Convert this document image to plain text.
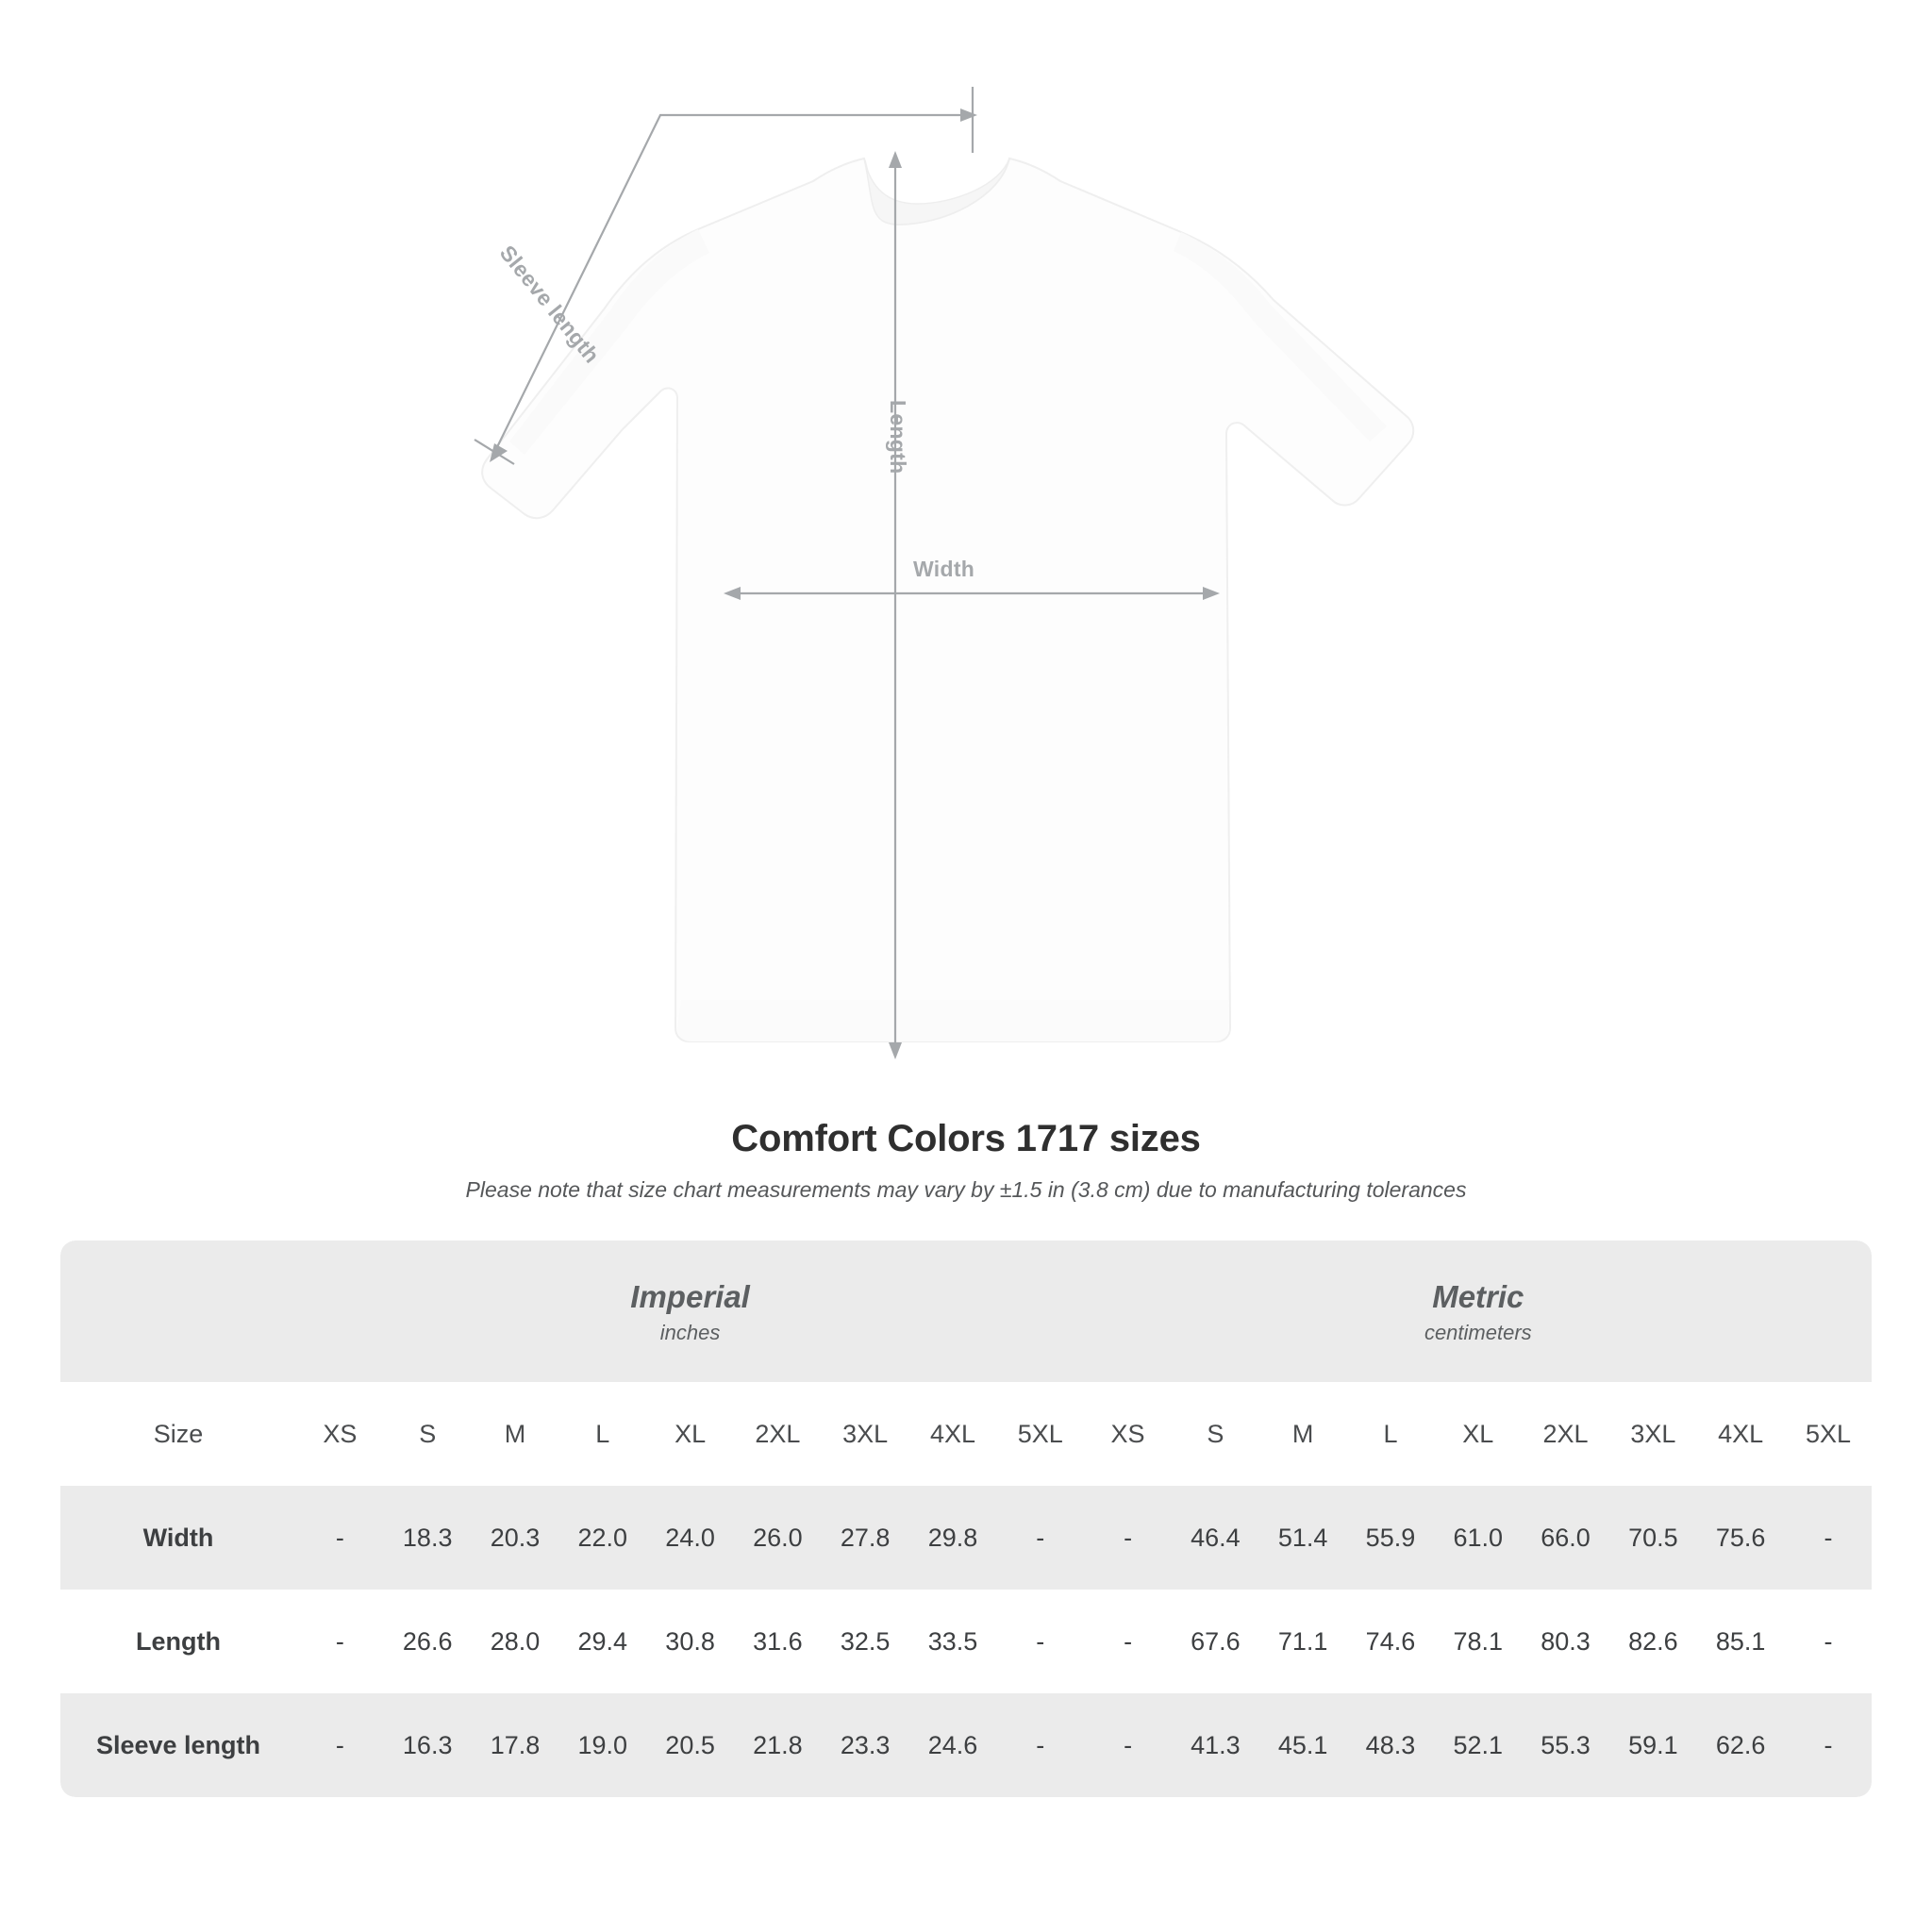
Length
Width
Sleeve length
Comfort Colors 1717 sizes

Please note that size chart measurements may vary by ±1.5 in (3.8 cm) due to manufacturing tolerances

Imperial
inches

Metric
centimeters

Size	XS	S	M	L	XL	2XL	3XL	4XL	5XL	XS	S	M	L	XL	2XL	3XL	4XL	5XL
Width	-	18.3	20.3	22.0	24.0	26.0	27.8	29.8	-	-	46.4	51.4	55.9	61.0	66.0	70.5	75.6	-
Length	-	26.6	28.0	29.4	30.8	31.6	32.5	33.5	-	-	67.6	71.1	74.6	78.1	80.3	82.6	85.1	-
Sleeve length	-	16.3	17.8	19.0	20.5	21.8	23.3	24.6	-	-	41.3	45.1	48.3	52.1	55.3	59.1	62.6	-
